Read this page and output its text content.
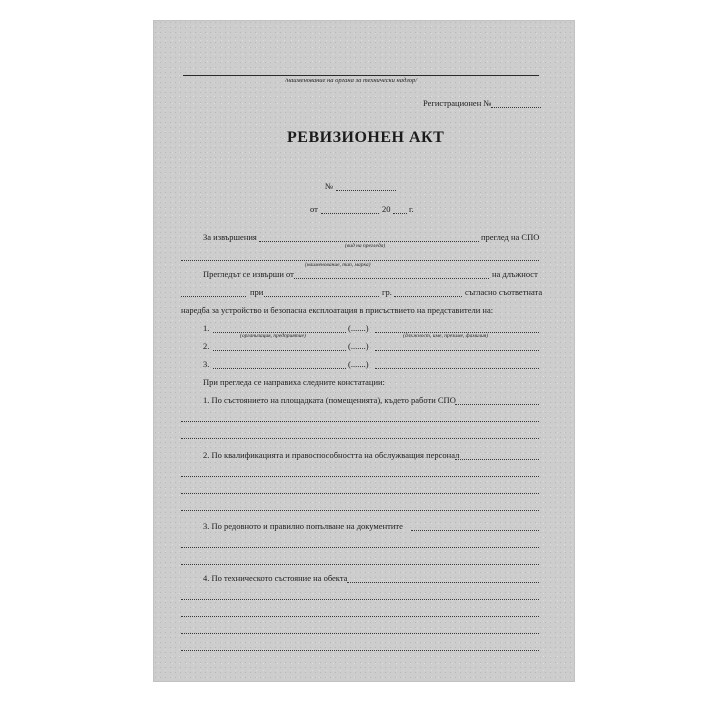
/наименование на органа за технически надзор/
Регистрационен №
РЕВИЗИОНЕН АКТ
№
от	20 г.
За извършения	преглед на СПО
(вид на прегледа)
(наименование, тип, марка)
Прегледът се извърши от	на длъжност
при	гр.	съгласно съответната
наредба за устройство и безопасна експлоатация в присъствието на представители на:
1.	(.......)
(организация, предприятие)	(длъжност, име, презиме, фамилия)
2.	(.......)
3.	(.......)
При прегледа се направиха следните констатации:
1. По състоянието на площадката (помещенията), където работи СПО
2. По квалификацията и правоспособността на обслужващия персонал
3. По редовното и правилно попълване на документите
4. По техническото състояние на обекта
